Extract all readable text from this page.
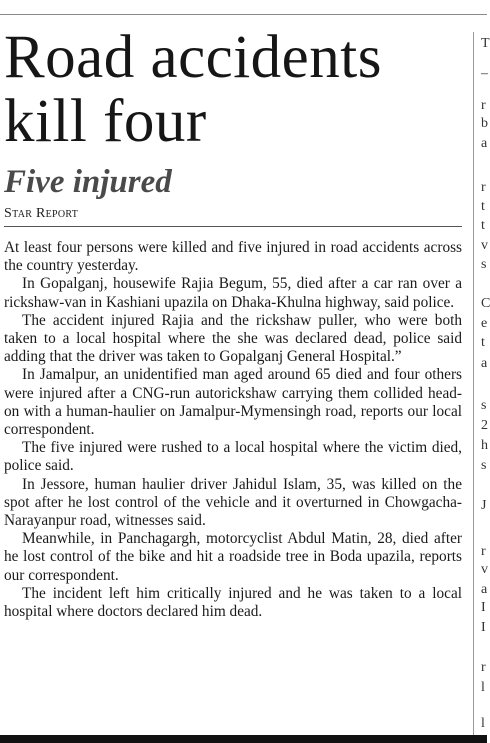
Road accidents kill four
Five injured
Star Report

At least four persons were killed and five injured in road accidents across the country yesterday.

In Gopalganj, housewife Rajia Begum, 55, died after a car ran over a rickshaw-van in Kashiani upazila on Dhaka-Khulna highway, said police.

The accident injured Rajia and the rickshaw puller, who were both taken to a local hospital where the she was declared dead, police said adding that the driver was taken to Gopalganj General Hospital.”

In Jamalpur, an unidentified man aged around 65 died and four others were injured after a CNG-run autorickshaw carrying them collided head-on with a human-haulier on Jamalpur-Mymensingh road, reports our local correspondent.

The five injured were rushed to a local hospital where the victim died, police said.

In Jessore, human haulier driver Jahidul Islam, 35, was killed on the spot after he lost control of the vehicle and it overturned in Chowgacha-Narayanpur road, witnesses said.

Meanwhile, in Panchagargh, motorcyclist Abdul Matin, 28, died after he lost control of the bike and hit a roadside tree in Boda upazila, reports our correspondent.

The incident left him critically injured and he was taken to a local hospital where doctors declared him dead.

T
–
r
b
a
r
t
t
v
s
C
e
t
a
s
2
h
s
J
r
v
a
I
I
r
l
l
